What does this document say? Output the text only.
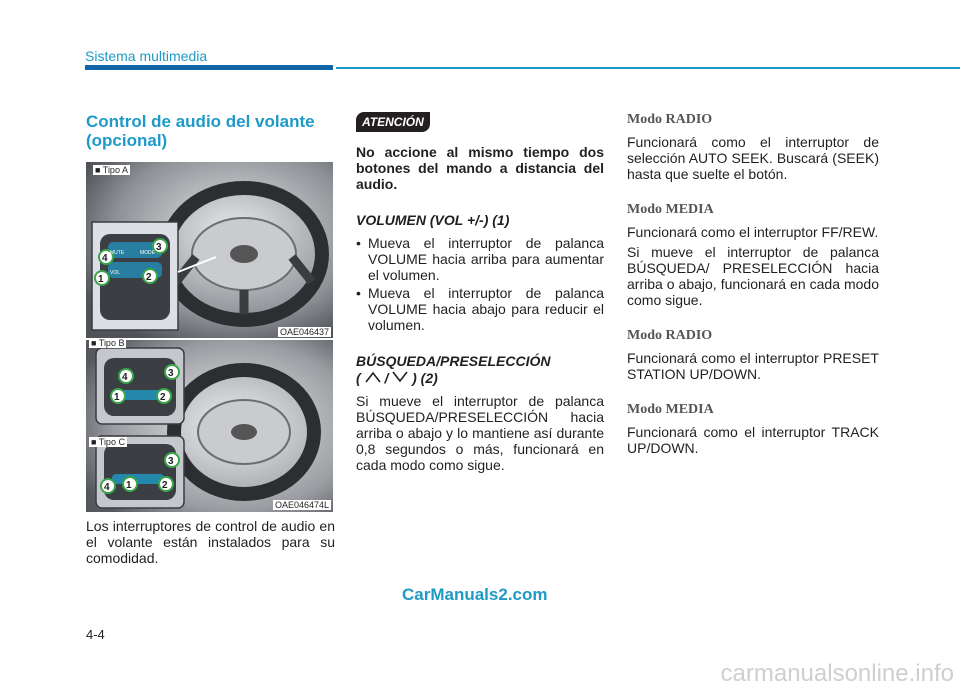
Sistema multimedia
Control de audio del volante (opcional)
4
3
1	2
MUTE	MODE
VOL
4	3
1	2
3
4 1	2
■ Tipo A
OAE046437
■ Tipo B
■ Tipo C
OAE046474L
Los interruptores de control de audio en el volante están instalados para su comodidad.
ATENCIÓN

No accione al mismo tiempo dos botones del mando a distancia del audio.

VOLUMEN (VOL +/-) (1)

• Mueva el interruptor de palanca VOLUME hacia arriba para aumentar el volumen.
• Mueva el interruptor de palanca VOLUME hacia abajo para reducir el volumen.

BÚSQUEDA/PRESELECCIÓN

( / ) (2)

Si mueve el interruptor de palanca BÚSQUEDA/PRESELECCIÓN hacia arriba o abajo y lo mantiene así durante 0,8 segundos o más, funcionará en cada modo como sigue.

Modo RADIO

Funcionará como el interruptor de selección AUTO SEEK. Buscará (SEEK) hasta que suelte el botón.

Modo MEDIA

Funcionará como el interruptor FF/REW.

Si mueve el interruptor de palanca BÚSQUEDA/ PRESELECCIÓN hacia arriba o abajo, funcionará en cada modo como sigue.

Modo RADIO

Funcionará como el interruptor PRESET STATION UP/DOWN.

Modo MEDIA

Funcionará como el interruptor TRACK UP/DOWN.

CarManuals2.com
4-4
carmanualsonline.info
